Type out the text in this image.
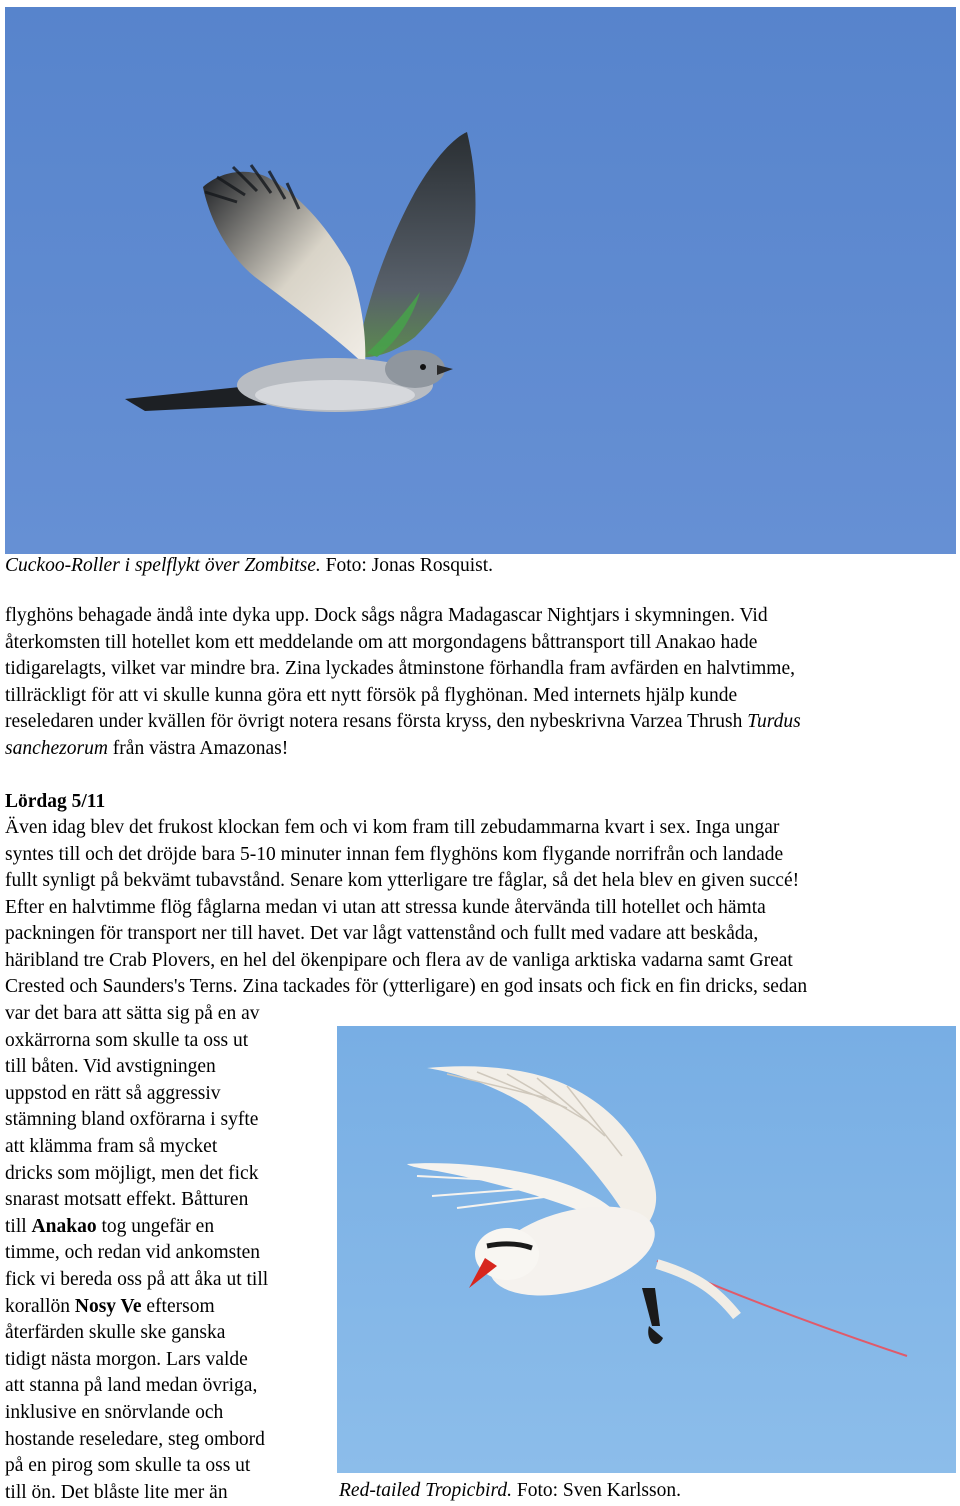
Cuckoo-Roller i spelflykt över Zombitse. Foto: Jonas Rosquist.

flyghöns behagade ändå inte dyka upp. Dock sågs några Madagascar Nightjars i skymningen. Vid
återkomsten till hotellet kom ett meddelande om att morgondagens båttransport till Anakao hade
tidigarelagts, vilket var mindre bra. Zina lyckades åtminstone förhandla fram avfärden en halvtimme,
tillräckligt för att vi skulle kunna göra ett nytt försök på flyghönan. Med internets hjälp kunde
reseledaren under kvällen för övrigt notera resans första kryss, den nybeskrivna Varzea Thrush Turdus
sanchezorum från västra Amazonas!

Lördag 5/11

Även idag blev det frukost klockan fem och vi kom fram till zebudammarna kvart i sex. Inga ungar
syntes till och det dröjde bara 5-10 minuter innan fem flyghöns kom flygande norrifrån och landade
fullt synligt på bekvämt tubavstånd. Senare kom ytterligare tre fåglar, så det hela blev en given succé!
Efter en halvtimme flög fåglarna medan vi utan att stressa kunde återvända till hotellet och hämta
packningen för transport ner till havet. Det var lågt vattenstånd och fullt med vadare att beskåda,
häribland tre Crab Plovers, en hel del ökenpipare och flera av de vanliga arktiska vadarna samt Great
Crested och Saunders's Terns. Zina tackades för (ytterligare) en god insats och fick en fin dricks, sedan

var det bara att sätta sig på en av
oxkärrorna som skulle ta oss ut
till båten. Vid avstigningen
uppstod en rätt så aggressiv
stämning bland oxförarna i syfte
att klämma fram så mycket
dricks som möjligt, men det fick
snarast motsatt effekt. Båtturen
till Anakao tog ungefär en
timme, och redan vid ankomsten
fick vi bereda oss på att åka ut till
korallön Nosy Ve eftersom
återfärden skulle ske ganska
tidigt nästa morgon. Lars valde
att stanna på land medan övriga,
inklusive en snörvlande och
hostande reseledare, steg ombord
på en pirog som skulle ta oss ut
till ön. Det blåste lite mer än	Red-tailed Tropicbird. Foto: Sven Karlsson.
